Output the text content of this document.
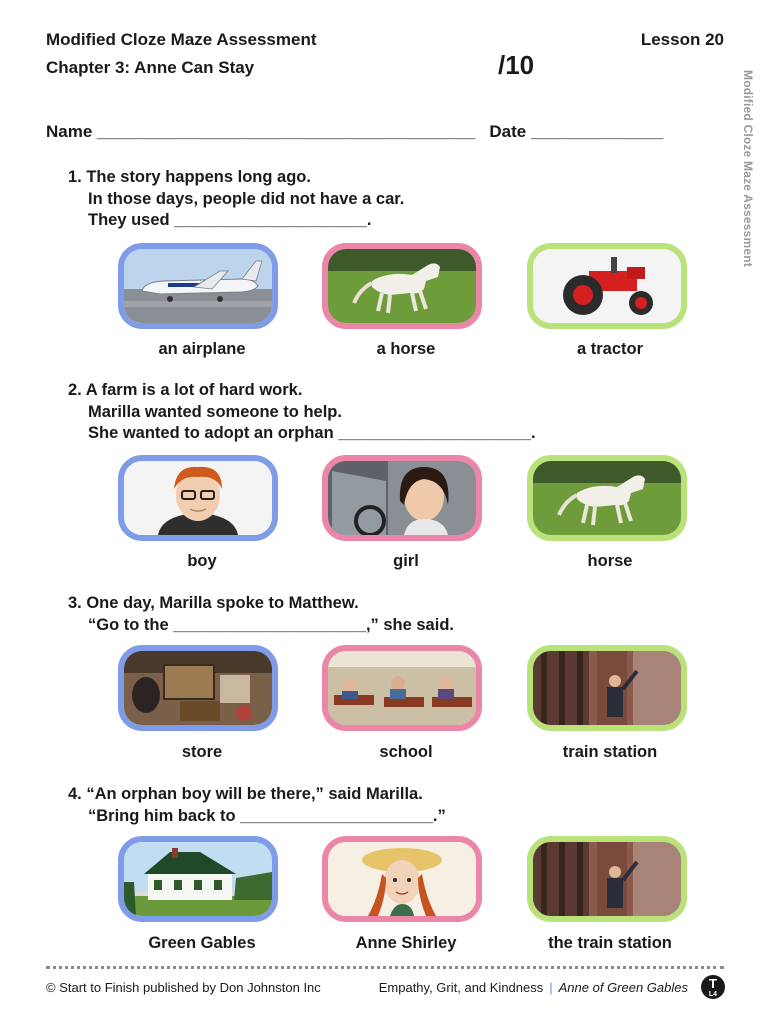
Modified Cloze Maze Assessment
Chapter 3: Anne Can Stay
Lesson 20
/10
Modified Cloze Maze Assessment
Name ________________________________________ Date ______________
1. The story happens long ago.
In those days, people did not have a car.
They used _____________________.
an airplane	a horse	a tractor
2. A farm is a lot of hard work.
Marilla wanted someone to help.
She wanted to adopt an orphan _____________________.
boy	girl	horse
3. One day, Marilla spoke to Matthew.
“Go to the _____________________,” she said.
store	school	train station
4. “An orphan boy will be there,” said Marilla.
“Bring him back to _____________________.”
Green Gables	Anne Shirley	the train station
© Start to Finish published by Don Johnston Inc	Empathy, Grit, and Kindness | Anne of Green Gables	T
L4
